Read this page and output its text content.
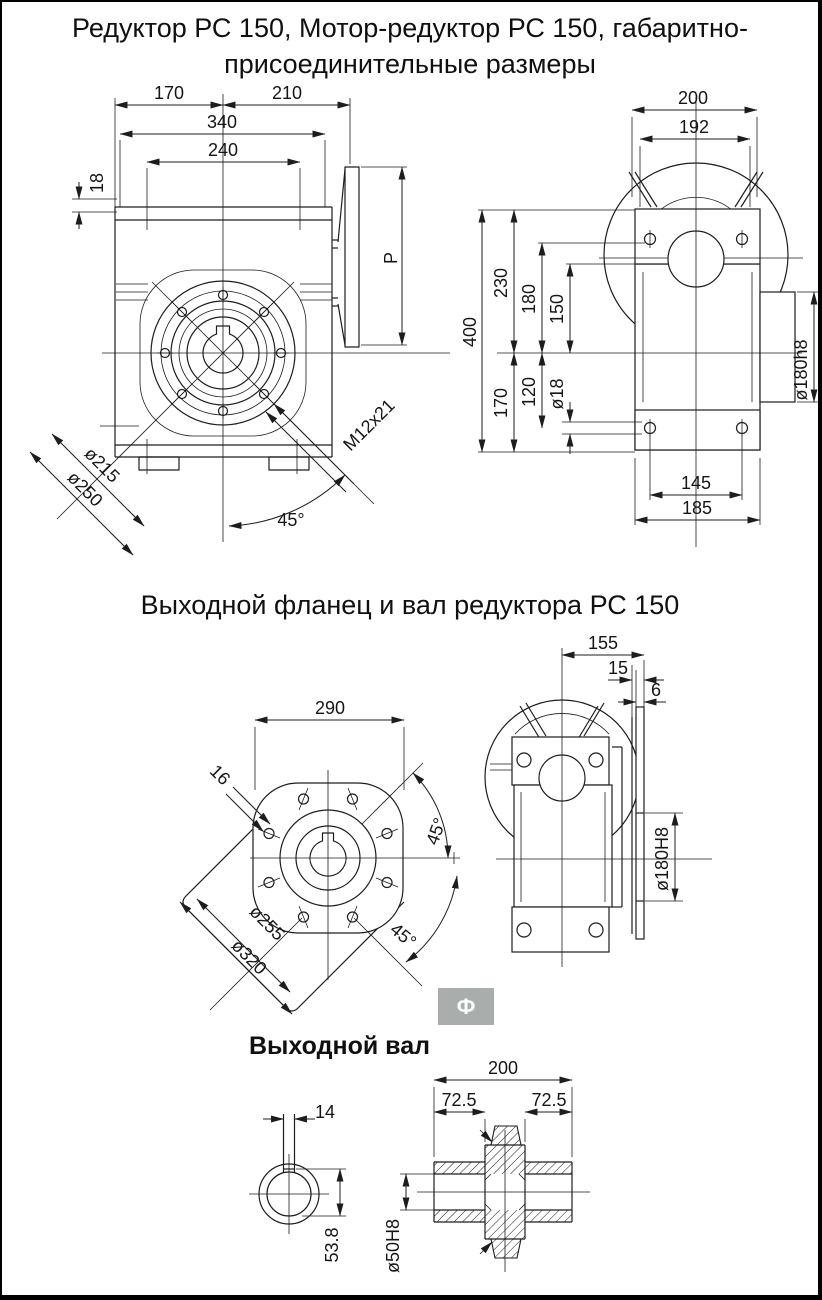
Редуктор РС 150, Мотор-редуктор РС 150, габаритно-присоединительные размеры
Выходной фланец и вал редуктора РС 150
Выходной вал
Ф
170	210
340
240
18
P
ø215
ø250
M12x21
45°
200
192
400
230
170
180
120
150
ø18	ø180h8
145
185
290
16
ø255
ø320
45°
45°
155
15
6
ø180H8
14
53.8
200
72.5	72.5
ø50H8
